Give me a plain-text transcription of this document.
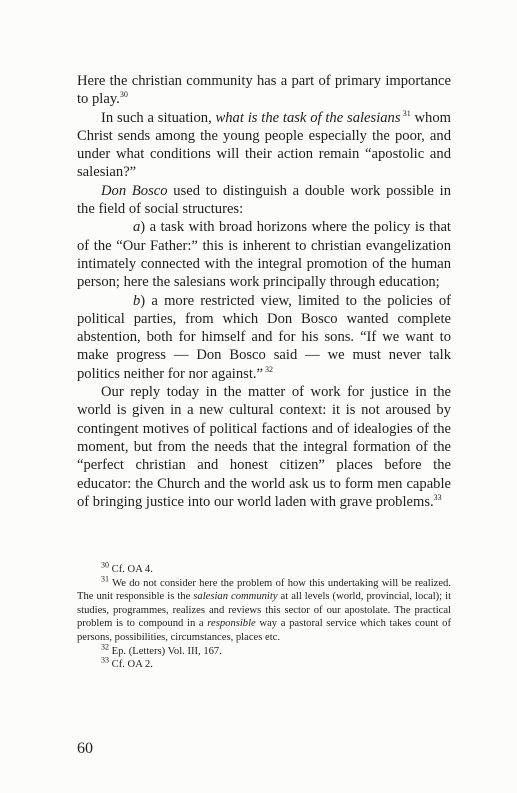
Here the christian community has a part of primary importance to play.$^{30}$

In such a situation, what is the task of the salesians $^{31}$ whom Christ sends among the young people especially the poor, and under what conditions will their action remain “apostolic and salesian?”

Don Bosco used to distinguish a double work possible in the field of social structures:

a) a task with broad horizons where the policy is that of the “Our Father:” this is inherent to christian evangelization intimately connected with the integral promotion of the human person; here the salesians work principally through education;

b) a more restricted view, limited to the policies of political parties, from which Don Bosco wanted complete abstention, both for himself and for his sons. “If we want to make progress — Don Bosco said — we must never talk politics neither for nor against.” $^{32}$

Our reply today in the matter of work for justice in the world is given in a new cultural context: it is not aroused by contingent motives of political factions and of idealogies of the moment, but from the needs that the integral formation of the “perfect christian and honest citizen” places before the educator: the Church and the world ask us to form men capable of bringing justice into our world laden with grave problems.$^{33}$

$^{30}$ Cf. OA 4.

$^{31}$ We do not consider here the problem of how this undertaking will be realized. The unit responsible is the salesian community at all levels (world, provincial, local); it studies, programmes, realizes and reviews this sector of our apostolate. The practical problem is to compound in a responsible way a pastoral service which takes count of persons, possibilities, circumstances, places etc.

$^{32}$ Ep. (Letters) Vol. III, 167.

$^{33}$ Cf. OA 2.

60
